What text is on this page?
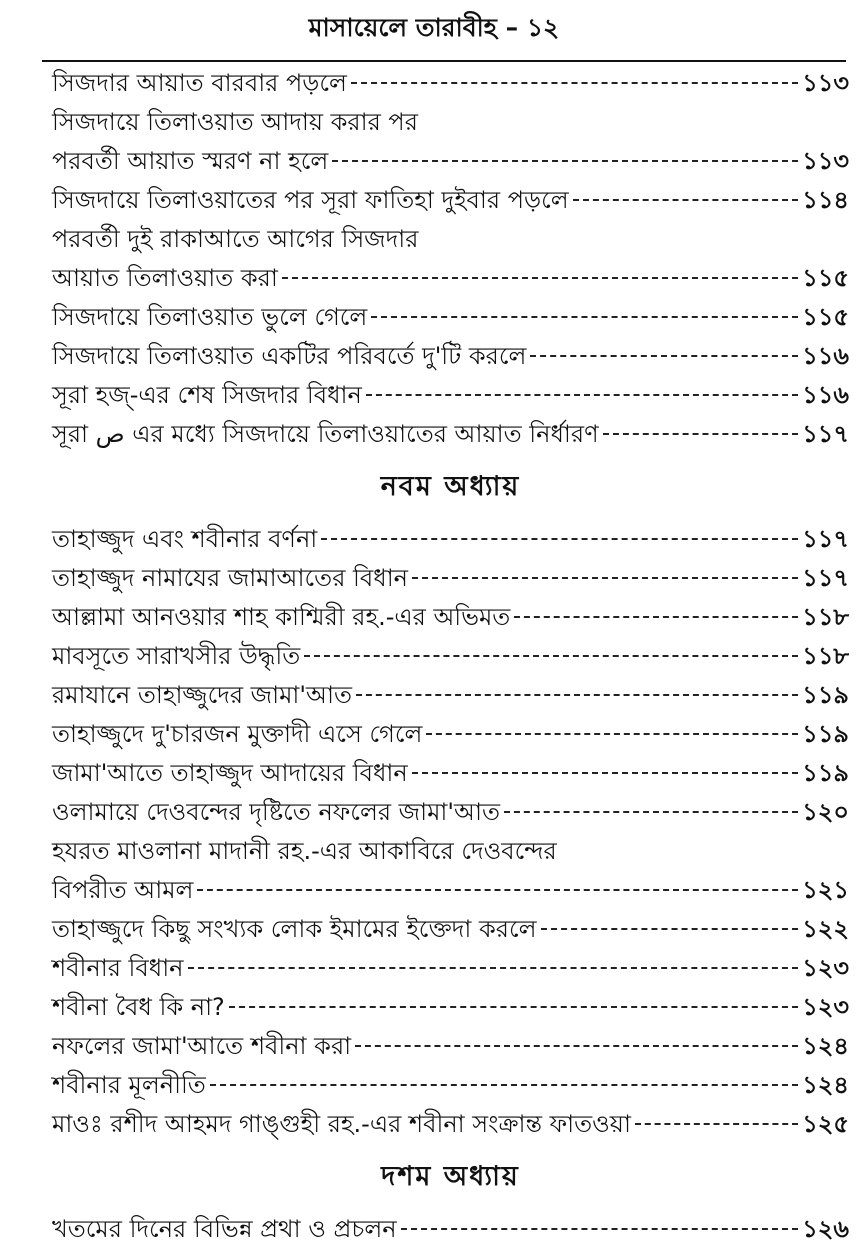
মাসায়েলে তারাবীহ – ১২
সিজদার আয়াত বারবার পড়লে	১১৩
সিজদায়ে তিলাওয়াত আদায় করার পর
পরবর্তী আয়াত স্মরণ না হলে	১১৩
সিজদায়ে তিলাওয়াতের পর সূরা ফাতিহা দুইবার পড়লে	১১৪
পরবর্তী দুই রাকাআতে আগের সিজদার
আয়াত তিলাওয়াত করা	১১৫
সিজদায়ে তিলাওয়াত ভুলে গেলে	১১৫
সিজদায়ে তিলাওয়াত একটির পরিবর্তে দু'টি করলে	১১৬
সূরা হজ্-এর শেষ সিজদার বিধান	১১৬
সূরা ص এর মধ্যে সিজদায়ে তিলাওয়াতের আয়াত নির্ধারণ	১১৭
নবম অধ্যায়
তাহাজ্জুদ এবং শবীনার বর্ণনা	১১৭
তাহাজ্জুদ নামাযের জামাআতের বিধান	১১৭
আল্লামা আনওয়ার শাহ কাশ্মিরী রহ.-এর অভিমত	১১৮
মাবসূতে সারাখসীর উদ্ধৃতি	১১৮
রমাযানে তাহাজ্জুদের জামা'আত	১১৯
তাহাজ্জুদে দু'চারজন মুক্তাদী এসে গেলে	১১৯
জামা'আতে তাহাজ্জুদ আদায়ের বিধান	১১৯
ওলামায়ে দেওবন্দের দৃষ্টিতে নফলের জামা'আত	১২০
হযরত মাওলানা মাদানী রহ.-এর আকাবিরে দেওবন্দের
বিপরীত আমল	১২১
তাহাজ্জুদে কিছু সংখ্যক লোক ইমামের ইক্তেদা করলে	১২২
শবীনার বিধান	১২৩
শবীনা বৈধ কি না?	১২৩
নফলের জামা'আতে শবীনা করা	১২৪
শবীনার মূলনীতি	১২৪
মাওঃ রশীদ আহমদ গাঙ্গুহী রহ.-এর শবীনা সংক্রান্ত ফাতওয়া	১২৫
দশম অধ্যায়
খতমের দিনের বিভিন্ন প্রথা ও প্রচলন	১২৬
